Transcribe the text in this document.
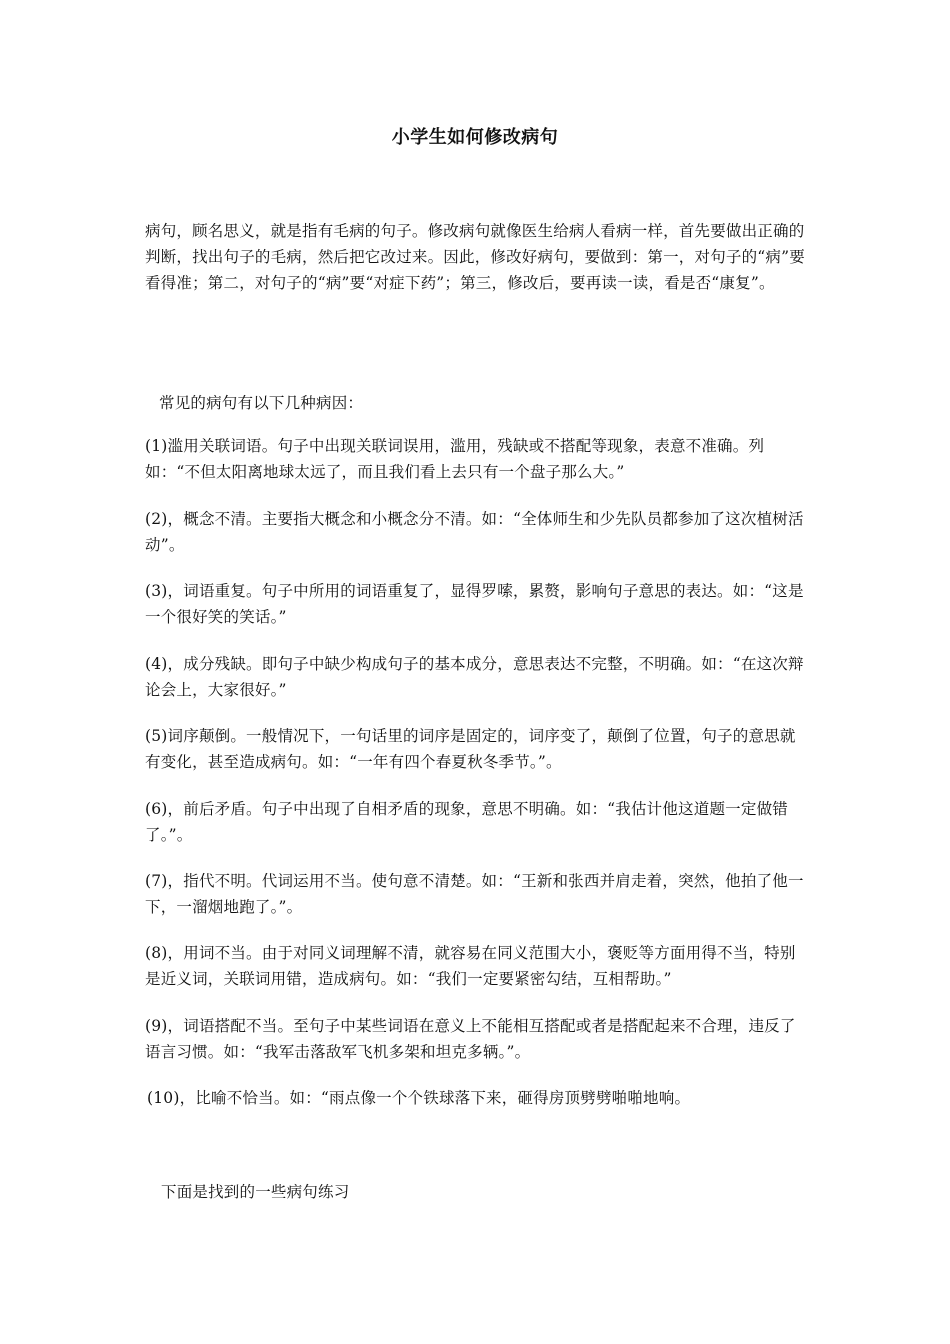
小学生如何修改病句
病句，顾名思义，就是指有毛病的句子。修改病句就像医生给病人看病一样，首先要做出正确的判断，找出句子的毛病，然后把它改过来。因此，修改好病句，要做到：第一，对句子的“病”要看得准；第二，对句子的“病”要“对症下药”；第三，修改后，要再读一读，看是否“康复”。
常见的病句有以下几种病因：
(1)滥用关联词语。句子中出现关联词误用，滥用，残缺或不搭配等现象，表意不准确。列如：“不但太阳离地球太远了，而且我们看上去只有一个盘子那么大。”
(2)，概念不清。主要指大概念和小概念分不清。如：“全体师生和少先队员都参加了这次植树活动”。
(3)，词语重复。句子中所用的词语重复了，显得罗嗦，累赘，影响句子意思的表达。如：“这是一个很好笑的笑话。”
(4)，成分残缺。即句子中缺少构成句子的基本成分，意思表达不完整，不明确。如：“在这次辩论会上，大家很好。”
(5)词序颠倒。一般情况下，一句话里的词序是固定的，词序变了，颠倒了位置，句子的意思就有变化，甚至造成病句。如：“一年有四个春夏秋冬季节。”。
(6)，前后矛盾。句子中出现了自相矛盾的现象，意思不明确。如：“我估计他这道题一定做错了。”。
(7)，指代不明。代词运用不当。使句意不清楚。如：“王新和张西并肩走着，突然，他拍了他一下，一溜烟地跑了。”。
(8)，用词不当。由于对同义词理解不清，就容易在同义范围大小，褒贬等方面用得不当，特别是近义词，关联词用错，造成病句。如：“我们一定要紧密勾结，互相帮助。”
(9)，词语搭配不当。至句子中某些词语在意义上不能相互搭配或者是搭配起来不合理，违反了语言习惯。如：“我军击落敌军飞机多架和坦克多辆。”。
(10)，比喻不恰当。如：“雨点像一个个铁球落下来，砸得房顶劈劈啪啪地响。
下面是找到的一些病句练习
